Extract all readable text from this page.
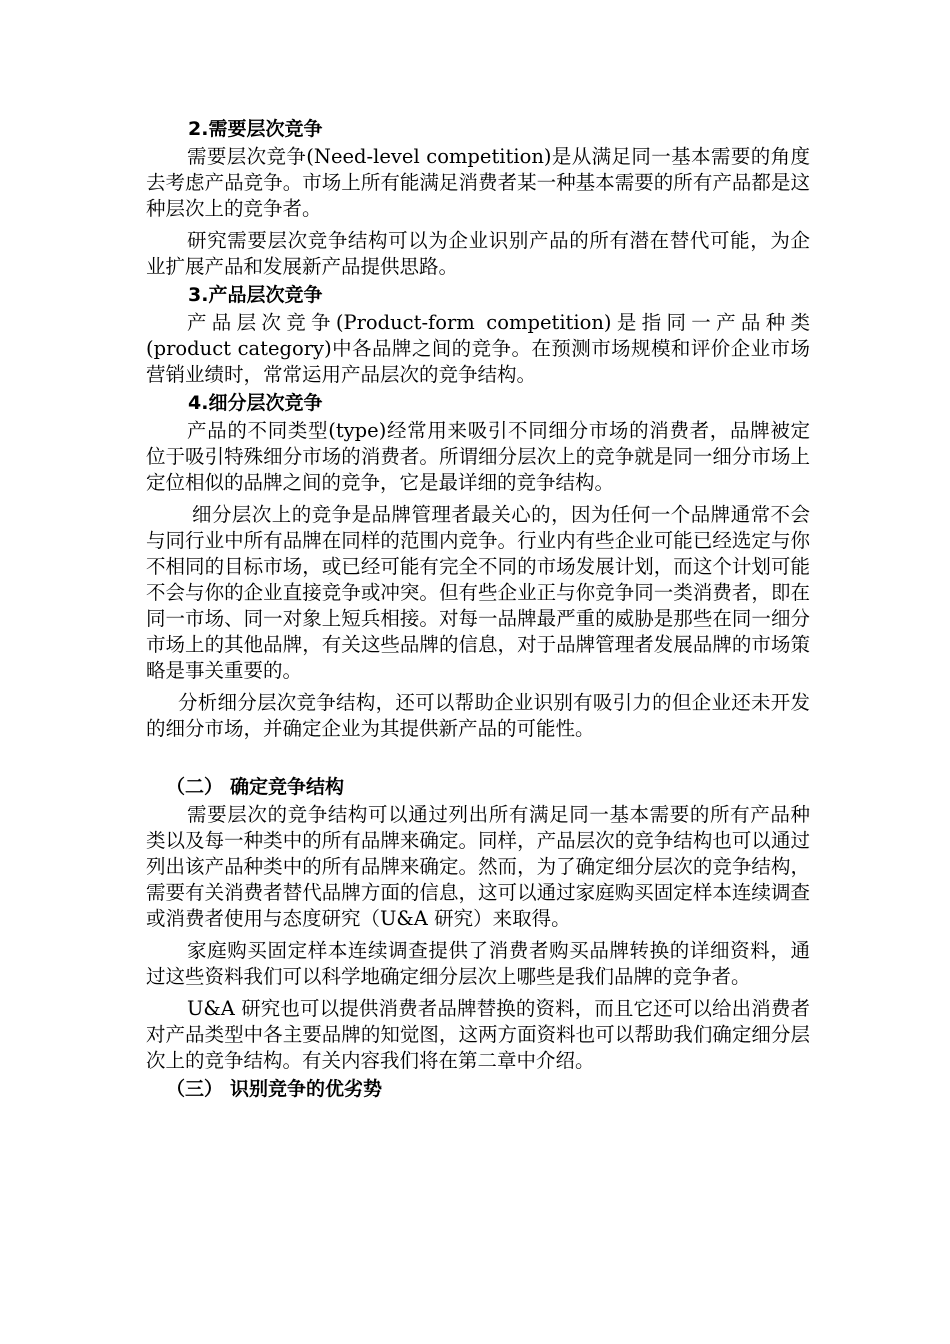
2.需要层次竞争

需要层次竞争(Need-level competition)是从满足同一基本需要的角度去考虑产品竞争。市场上所有能满足消费者某一种基本需要的所有产品都是这种层次上的竞争者。

研究需要层次竞争结构可以为企业识别产品的所有潜在替代可能，为企业扩展产品和发展新产品提供思路。

3.产品层次竞争

产品层次竞争(Product-form competition)是指同一产品种类(product category)中各品牌之间的竞争。在预测市场规模和评价企业市场营销业绩时，常常运用产品层次的竞争结构。

4.细分层次竞争

产品的不同类型(type)经常用来吸引不同细分市场的消费者，品牌被定位于吸引特殊细分市场的消费者。所谓细分层次上的竞争就是同一细分市场上定位相似的品牌之间的竞争，它是最详细的竞争结构。

细分层次上的竞争是品牌管理者最关心的，因为任何一个品牌通常不会与同行业中所有品牌在同样的范围内竞争。行业内有些企业可能已经选定与你不相同的目标市场，或已经可能有完全不同的市场发展计划，而这个计划可能不会与你的企业直接竞争或冲突。但有些企业正与你竞争同一类消费者，即在同一市场、同一对象上短兵相接。对每一品牌最严重的威胁是那些在同一细分市场上的其他品牌，有关这些品牌的信息，对于品牌管理者发展品牌的市场策略是事关重要的。

分析细分层次竞争结构，还可以帮助企业识别有吸引力的但企业还未开发的细分市场，并确定企业为其提供新产品的可能性。

（二） 确定竞争结构

需要层次的竞争结构可以通过列出所有满足同一基本需要的所有产品种类以及每一种类中的所有品牌来确定。同样，产品层次的竞争结构也可以通过列出该产品种类中的所有品牌来确定。然而，为了确定细分层次的竞争结构，需要有关消费者替代品牌方面的信息，这可以通过家庭购买固定样本连续调查或消费者使用与态度研究（U&A 研究）来取得。

家庭购买固定样本连续调查提供了消费者购买品牌转换的详细资料，通过这些资料我们可以科学地确定细分层次上哪些是我们品牌的竞争者。

U&A 研究也可以提供消费者品牌替换的资料，而且它还可以给出消费者对产品类型中各主要品牌的知觉图，这两方面资料也可以帮助我们确定细分层次上的竞争结构。有关内容我们将在第二章中介绍。

（三） 识别竞争的优劣势
